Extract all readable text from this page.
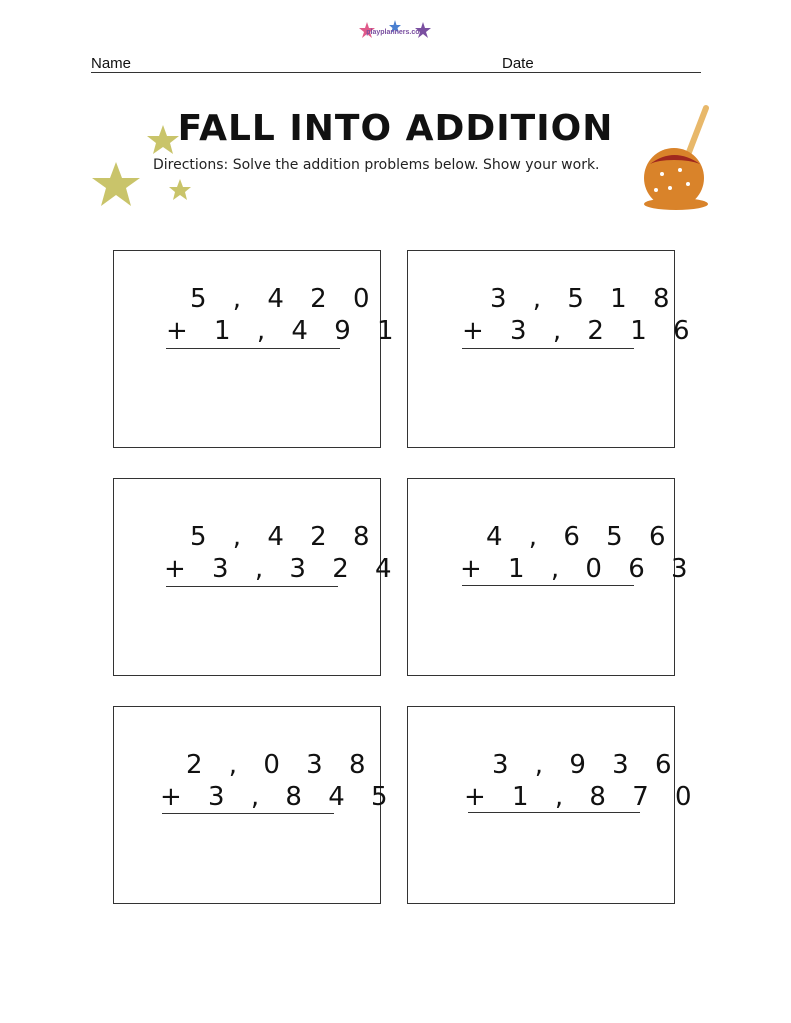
playplanners.com
Name	Date
FALL INTO ADDITION
Directions: Solve the addition problems below. Show your work.
5 , 4 2 0
+ 1 , 4 9 1
3 , 5 1 8
+ 3 , 2 1 6
5 , 4 2 8
+ 3 , 3 2 4
4 , 6 5 6
+ 1 , 0 6 3
2 , 0 3 8
+ 3 , 8 4 5
3 , 9 3 6
+ 1 , 8 7 0
